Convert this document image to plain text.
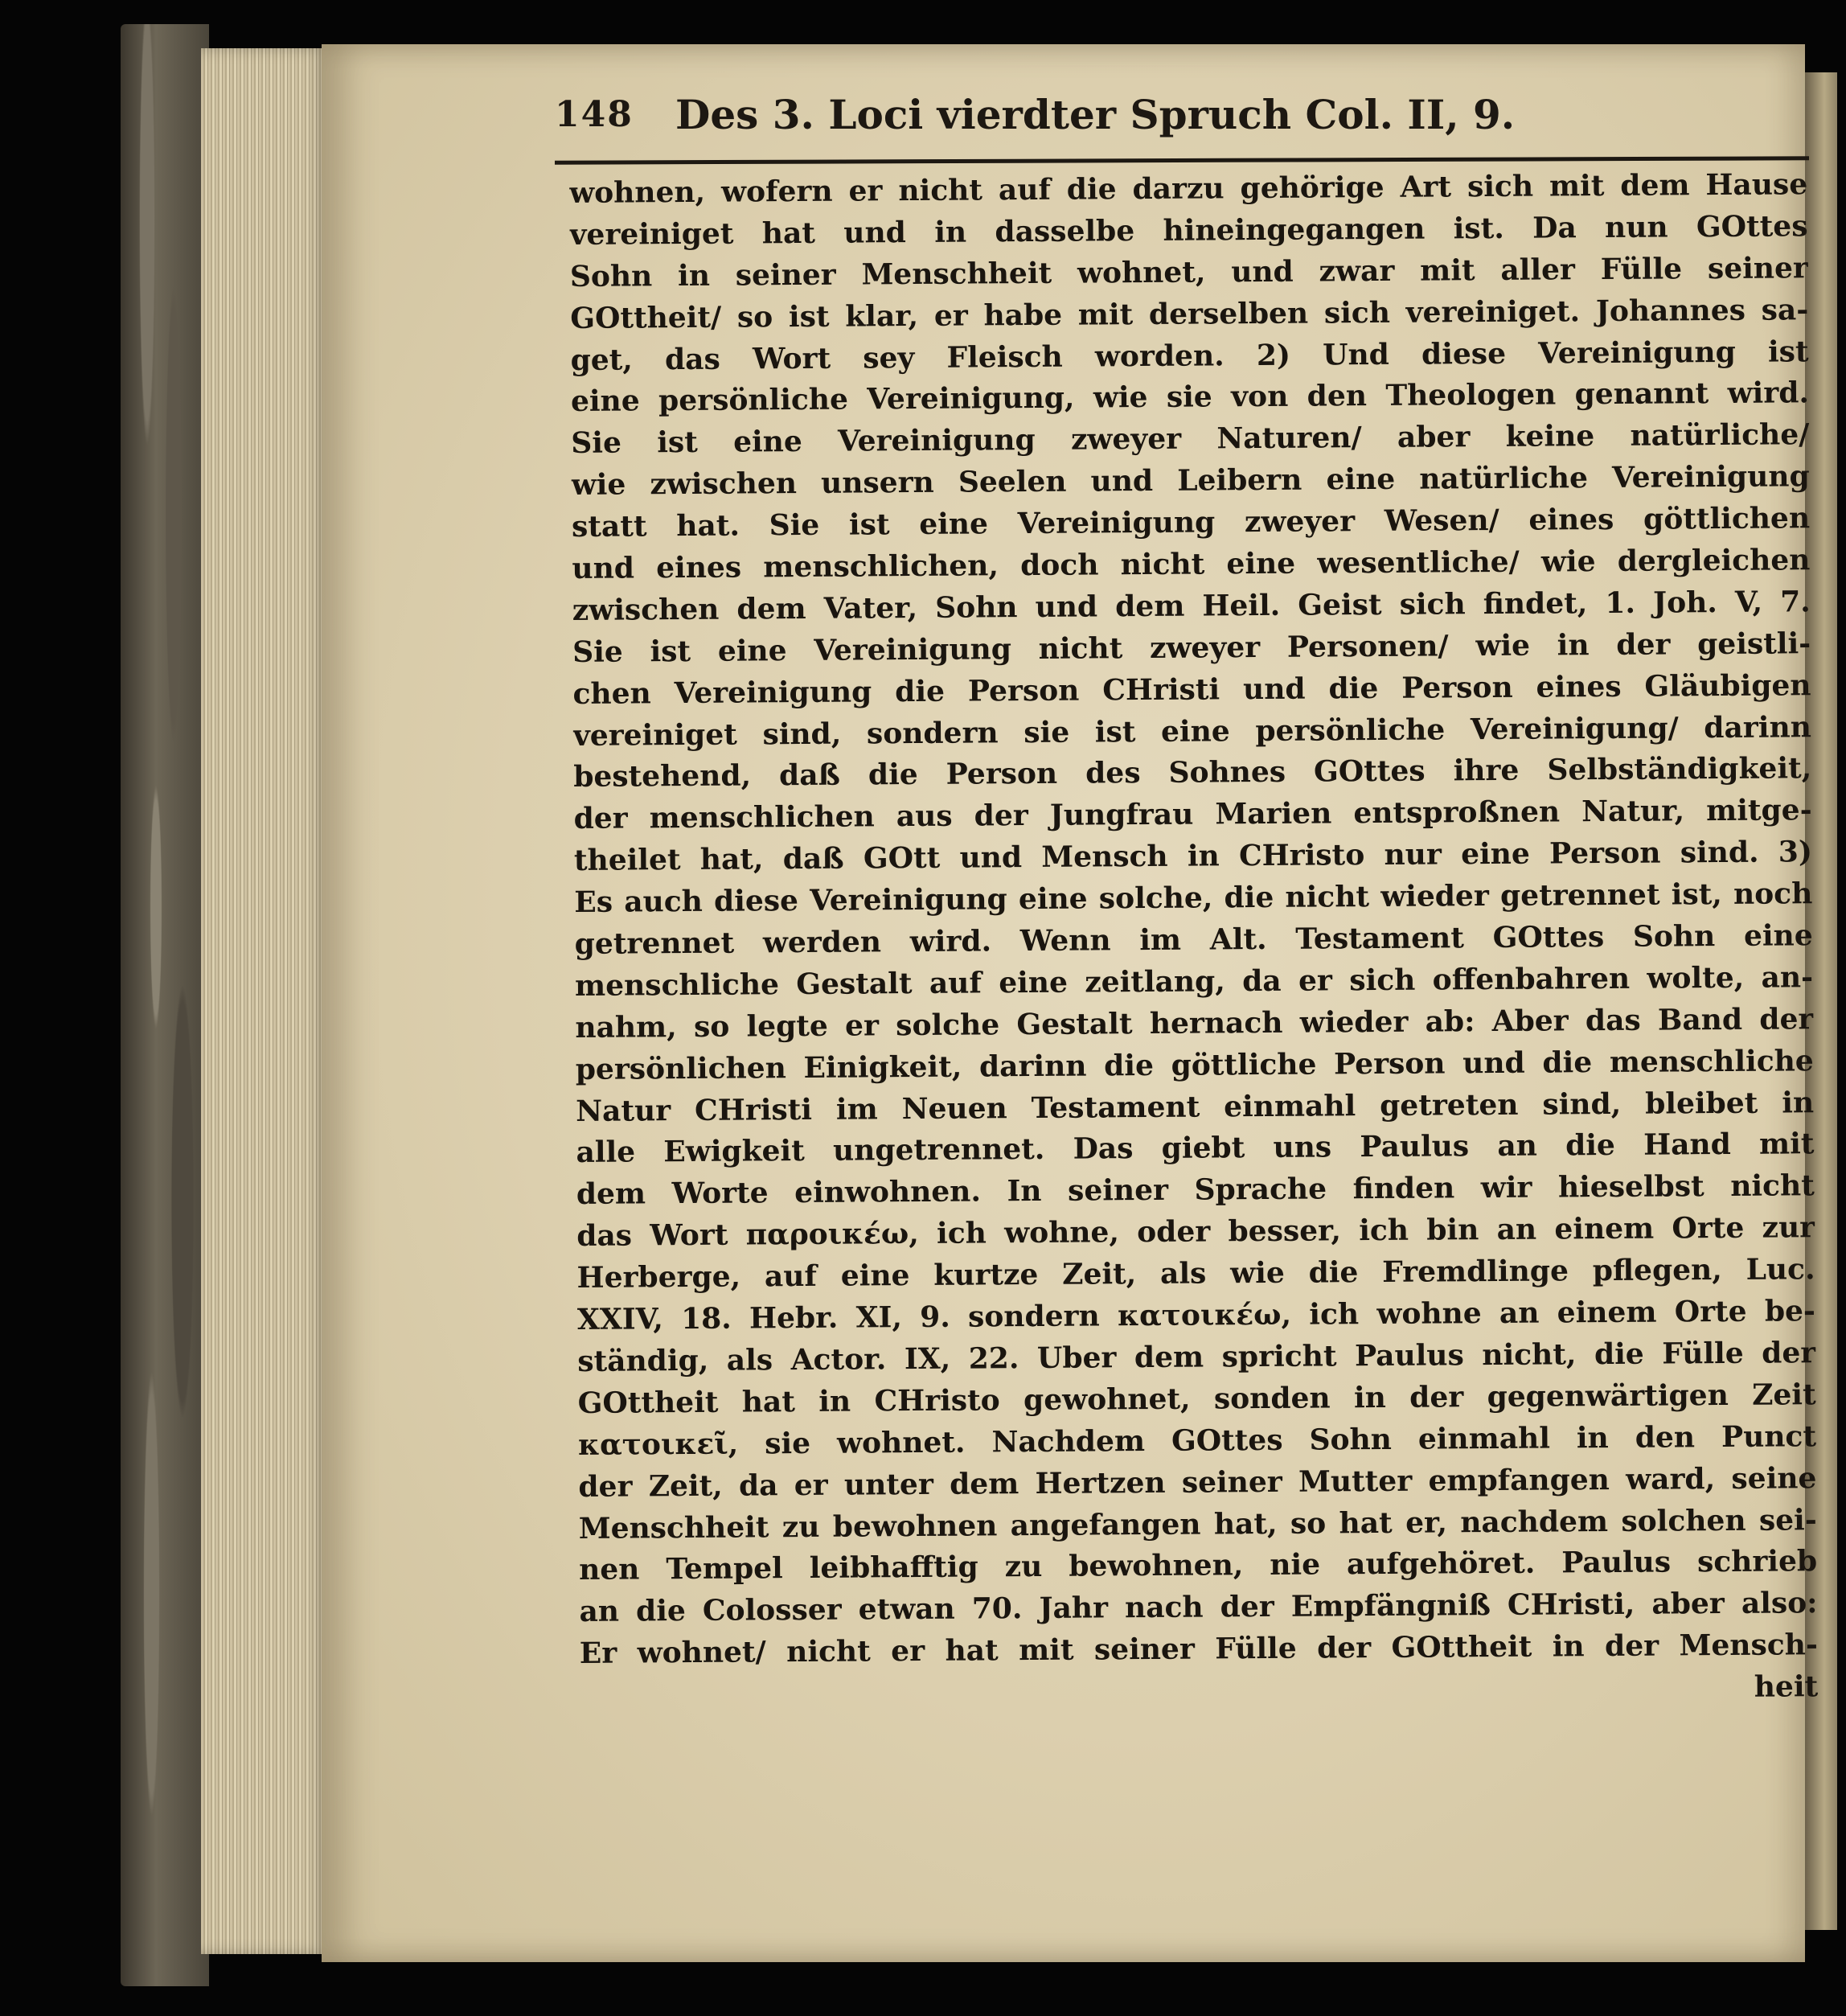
148 Des 3. Loci vierdter Spruch Col. II, 9.
wohnen, wofern er nicht auf die darzu gehörige Art sich mit dem Hause
vereiniget hat und in dasselbe hineingegangen ist. Da nun GOttes
Sohn in seiner Menschheit wohnet, und zwar mit aller Fülle seiner
GOttheit/ so ist klar, er habe mit derselben sich vereiniget. Johannes sa-
get, das Wort sey Fleisch worden. 2) Und diese Vereinigung ist
eine persönliche Vereinigung, wie sie von den Theologen genannt wird.
Sie ist eine Vereinigung zweyer Naturen/ aber keine natürliche/
wie zwischen unsern Seelen und Leibern eine natürliche Vereinigung
statt hat. Sie ist eine Vereinigung zweyer Wesen/ eines göttlichen
und eines menschlichen, doch nicht eine wesentliche/ wie dergleichen
zwischen dem Vater, Sohn und dem Heil. Geist sich findet, 1. Joh. V, 7.
Sie ist eine Vereinigung nicht zweyer Personen/ wie in der geistli-
chen Vereinigung die Person CHristi und die Person eines Gläubigen
vereiniget sind, sondern sie ist eine persönliche Vereinigung/ darinn
bestehend, daß die Person des Sohnes GOttes ihre Selbständigkeit,
der menschlichen aus der Jungfrau Marien entsproßnen Natur, mitge-
theilet hat, daß GOtt und Mensch in CHristo nur eine Person sind. 3)
Es auch diese Vereinigung eine solche, die nicht wieder getrennet ist, noch
getrennet werden wird. Wenn im Alt. Testament GOttes Sohn eine
menschliche Gestalt auf eine zeitlang, da er sich offenbahren wolte, an-
nahm, so legte er solche Gestalt hernach wieder ab: Aber das Band der
persönlichen Einigkeit, darinn die göttliche Person und die menschliche
Natur CHristi im Neuen Testament einmahl getreten sind, bleibet in
alle Ewigkeit ungetrennet. Das giebt uns Paulus an die Hand mit
dem Worte einwohnen. In seiner Sprache finden wir hieselbst nicht
das Wort παροικέω, ich wohne, oder besser, ich bin an einem Orte zur
Herberge, auf eine kurtze Zeit, als wie die Fremdlinge pflegen, Luc.
XXIV, 18. Hebr. XI, 9. sondern κατοικέω, ich wohne an einem Orte be-
ständig, als Actor. IX, 22. Uber dem spricht Paulus nicht, die Fülle der
GOttheit hat in CHristo gewohnet, sonden in der gegenwärtigen Zeit
κατοικεῖ, sie wohnet. Nachdem GOttes Sohn einmahl in den Punct
der Zeit, da er unter dem Hertzen seiner Mutter empfangen ward, seine
Menschheit zu bewohnen angefangen hat, so hat er, nachdem solchen sei-
nen Tempel leibhafftig zu bewohnen, nie aufgehöret. Paulus schrieb
an die Colosser etwan 70. Jahr nach der Empfängniß CHristi, aber also:
Er wohnet/ nicht er hat mit seiner Fülle der GOttheit in der Mensch-
heit
